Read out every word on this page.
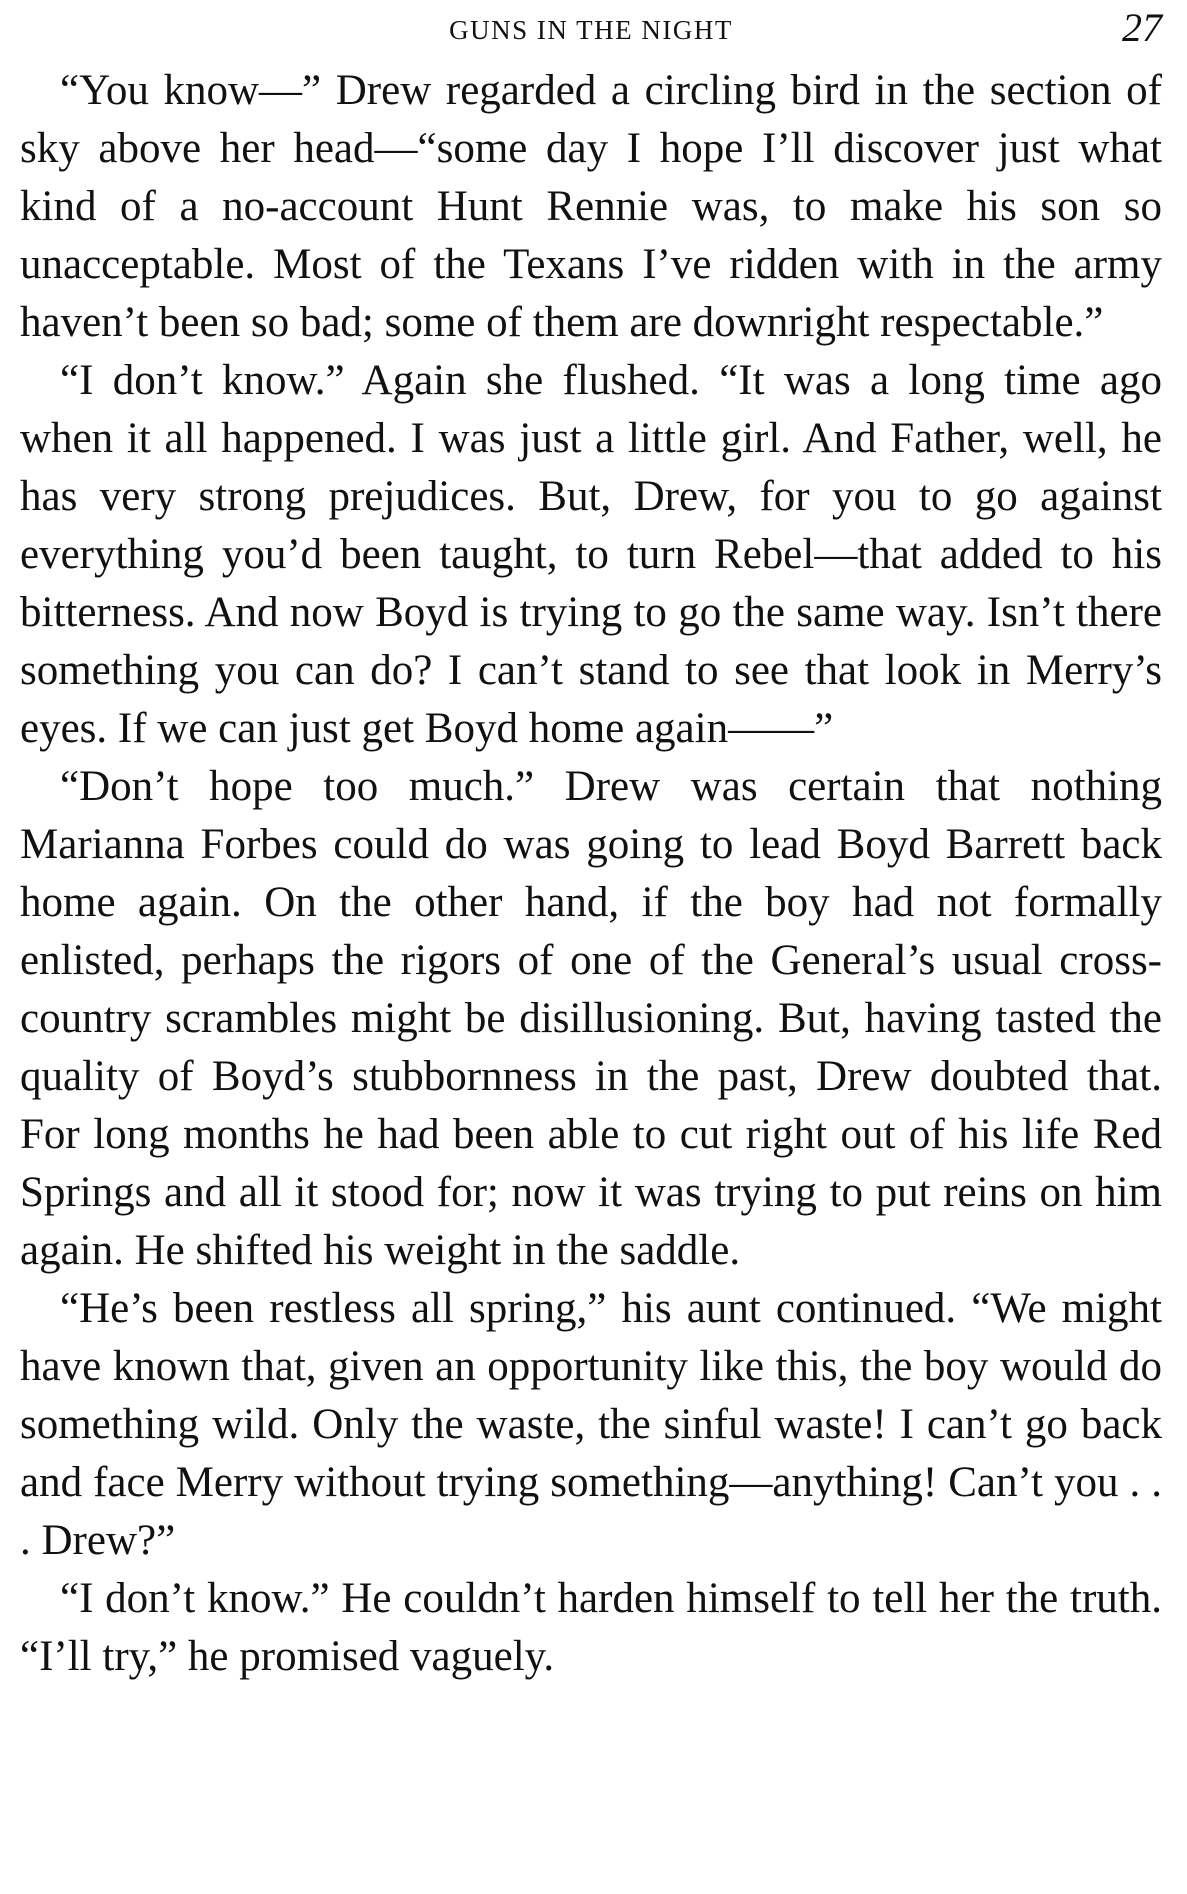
GUNS IN THE NIGHT	27

“You know—” Drew regarded a circling bird in the section of sky above her head—“some day I hope I’ll discover just what kind of a no-account Hunt Rennie was, to make his son so unacceptable. Most of the Texans I’ve ridden with in the army haven’t been so bad; some of them are downright respectable.”

“I don’t know.” Again she flushed. “It was a long time ago when it all happened. I was just a little girl. And Father, well, he has very strong prejudices. But, Drew, for you to go against everything you’d been taught, to turn Rebel—that added to his bitterness. And now Boyd is trying to go the same way. Isn’t there something you can do? I can’t stand to see that look in Merry’s eyes. If we can just get Boyd home again——”

“Don’t hope too much.” Drew was certain that nothing Marianna Forbes could do was going to lead Boyd Barrett back home again. On the other hand, if the boy had not formally enlisted, perhaps the rigors of one of the General’s usual cross-country scrambles might be disillusioning. But, having tasted the quality of Boyd’s stubbornness in the past, Drew doubted that. For long months he had been able to cut right out of his life Red Springs and all it stood for; now it was trying to put reins on him again. He shifted his weight in the saddle.

“He’s been restless all spring,” his aunt continued. “We might have known that, given an opportunity like this, the boy would do something wild. Only the waste, the sinful waste! I can’t go back and face Merry without trying something—anything! Can’t you . . . Drew?”

“I don’t know.” He couldn’t harden himself to tell her the truth. “I’ll try,” he promised vaguely.
